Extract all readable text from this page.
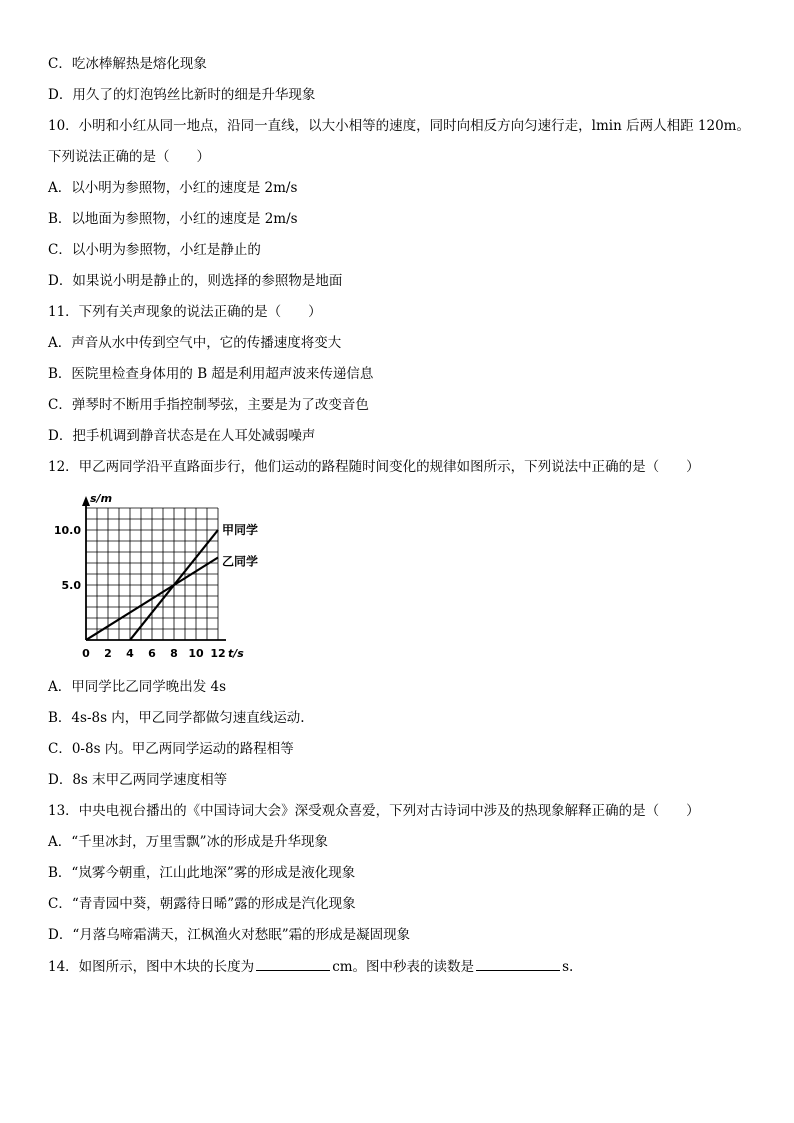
C．吃冰棒解热是熔化现象
D．用久了的灯泡钨丝比新时的细是升华现象
10．小明和小红从同一地点，沿同一直线，以大小相等的速度，同时向相反方向匀速行走，lmin 后两人相距 120m。
下列说法正确的是（　　）
A．以小明为参照物，小红的速度是 2m/s
B．以地面为参照物，小红的速度是 2m/s
C．以小明为参照物，小红是静止的
D．如果说小明是静止的，则选择的参照物是地面
11．下列有关声现象的说法正确的是（　　）
A．声音从水中传到空气中，它的传播速度将变大
B．医院里检查身体用的 B 超是利用超声波来传递信息
C．弹琴时不断用手指控制琴弦，主要是为了改变音色
D．把手机调到静音状态是在人耳处减弱噪声
12．甲乙两同学沿平直路面步行，他们运动的路程随时间变化的规律如图所示，下列说法中正确的是（　　）
甲同学
乙同学
0 2 4 6 8 10 12
5.0
10.0
s/m
t/s
A．甲同学比乙同学晚出发 4s
B．4s-8s 内，甲乙同学都做匀速直线运动.
C．0-8s 内。甲乙两同学运动的路程相等
D．8s 末甲乙两同学速度相等
13．中央电视台播出的《中国诗词大会》深受观众喜爱，下列对古诗词中涉及的热现象解释正确的是（　　）
A．“千里冰封，万里雪飘”冰的形成是升华现象
B．“岚雾今朝重，江山此地深”雾的形成是液化现象
C．“青青园中葵，朝露待日晞”露的形成是汽化现象
D．“月落乌啼霜满天，江枫渔火对愁眠”霜的形成是凝固现象
14．如图所示，图中木块的长度为	cm。图中秒表的读数是	s.
